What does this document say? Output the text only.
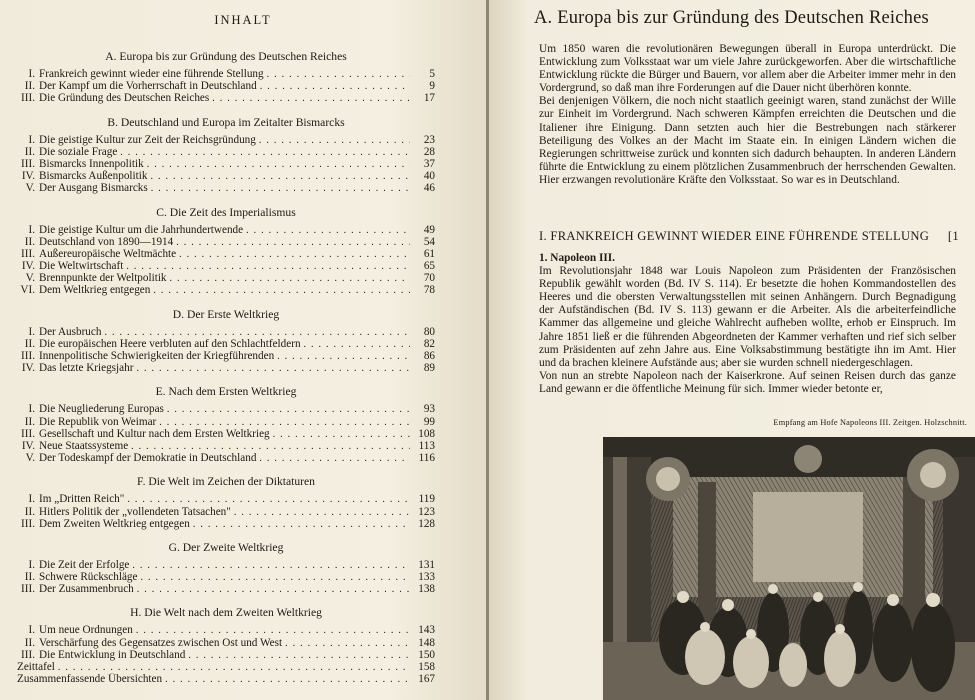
INHALT
A. Europa bis zur Gründung des Deutschen Reiches
I. Frankreich gewinnt wieder eine führende Stellung .....	5
II. Der Kampf um die Vorherrschaft in Deutschland .....	9
III. Die Gründung des Deutschen Reiches .....	17
B. Deutschland und Europa im Zeitalter Bismarcks
I. Die geistige Kultur zur Zeit der Reichsgründung .....	23
II. Die soziale Frage .....	28
III. Bismarcks Innenpolitik .....	37
IV. Bismarcks Außenpolitik .....	40
V. Der Ausgang Bismarcks .....	46
C. Die Zeit des Imperialismus
I. Die geistige Kultur um die Jahrhundertwende .....	49
II. Deutschland von 1890—1914 .....	54
III. Außereuropäische Weltmächte .....	61
IV. Die Weltwirtschaft .....	65
V. Brennpunkte der Weltpolitik .....	70
VI. Dem Weltkrieg entgegen .....	78
D. Der Erste Weltkrieg
I. Der Ausbruch .....	80
II. Die europäischen Heere verbluten auf den Schlachtfeldern .....	82
III. Innenpolitische Schwierigkeiten der Kriegführenden .....	86
IV. Das letzte Kriegsjahr .....	89
E. Nach dem Ersten Weltkrieg
I. Die Neugliederung Europas .....	93
II. Die Republik von Weimar .....	99
III. Gesellschaft und Kultur nach dem Ersten Weltkrieg .....	108
IV. Neue Staatssysteme .....	113
V. Der Todeskampf der Demokratie in Deutschland .....	116
F. Die Welt im Zeichen der Diktaturen
I. Im „Dritten Reich" .....	119
II. Hitlers Politik der „vollendeten Tatsachen" .....	123
III. Dem Zweiten Weltkrieg entgegen .....	128
G. Der Zweite Weltkrieg
I. Die Zeit der Erfolge .....	131
II. Schwere Rückschläge .....	133
III. Der Zusammenbruch .....	138
H. Die Welt nach dem Zweiten Weltkrieg
I. Um neue Ordnungen .....	143
II. Verschärfung des Gegensatzes zwischen Ost und West .....	148
III. Die Entwicklung in Deutschland .....	150
Zeittafel .....	158
Zusammenfassende Übersichten .....	167
A. Europa bis zur Gründung des Deutschen Reiches

Um 1850 waren die revolutionären Bewegungen überall in Europa unterdrückt. Die Entwicklung zum Volksstaat war um viele Jahre zurückgeworfen. Aber die wirtschaftliche Entwicklung rückte die Bürger und Bauern, vor allem aber die Arbeiter immer mehr in den Vordergrund, so daß man ihre Forderungen auf die Dauer nicht überhören konnte.

Bei denjenigen Völkern, die noch nicht staatlich geeinigt waren, stand zunächst der Wille zur Einheit im Vordergrund. Nach schweren Kämpfen erreichten die Deutschen und die Italiener ihre Einigung. Dann setzten auch hier die Bestrebungen nach stärkerer Beteiligung des Volkes an der Macht im Staate ein. In einigen Ländern wichen die Regierungen schrittweise zurück und konnten sich dadurch behaupten. In anderen Ländern führte die Entwicklung zu einem plötzlichen Zusammenbruch der herrschenden Gewalten. Hier erzwangen revolutionäre Kräfte den Volksstaat. So war es in Deutschland.

I. FRANKREICH GEWINNT WIEDER EINE FÜHRENDE STELLUNG [1

1. Napoleon III.

Im Revolutionsjahr 1848 war Louis Napoleon zum Präsidenten der Französischen Republik gewählt worden (Bd. IV S. 114). Er besetzte die hohen Kommandostellen des Heeres und die obersten Verwaltungsstellen mit seinen Anhängern. Durch Begnadigung der Aufständischen (Bd. IV S. 113) gewann er die Arbeiter. Als die arbeiterfeindliche Kammer das allgemeine und gleiche Wahlrecht aufheben wollte, erhob er Einspruch. Im Jahre 1851 ließ er die führenden Abgeordneten der Kammer verhaften und rief sich selber zum Präsidenten auf zehn Jahre aus. Eine Volksabstimmung bestätigte ihn im Amt. Hier und da brachen kleinere Aufstände aus; aber sie wurden schnell niedergeschlagen.

Von nun an strebte Napoleon nach der Kaiserkrone. Auf seinen Reisen durch das ganze Land gewann er die öffentliche Meinung für sich. Immer wieder betonte er,

Empfang am Hofe Napoleons III. Zeitgen. Holzschnitt.
